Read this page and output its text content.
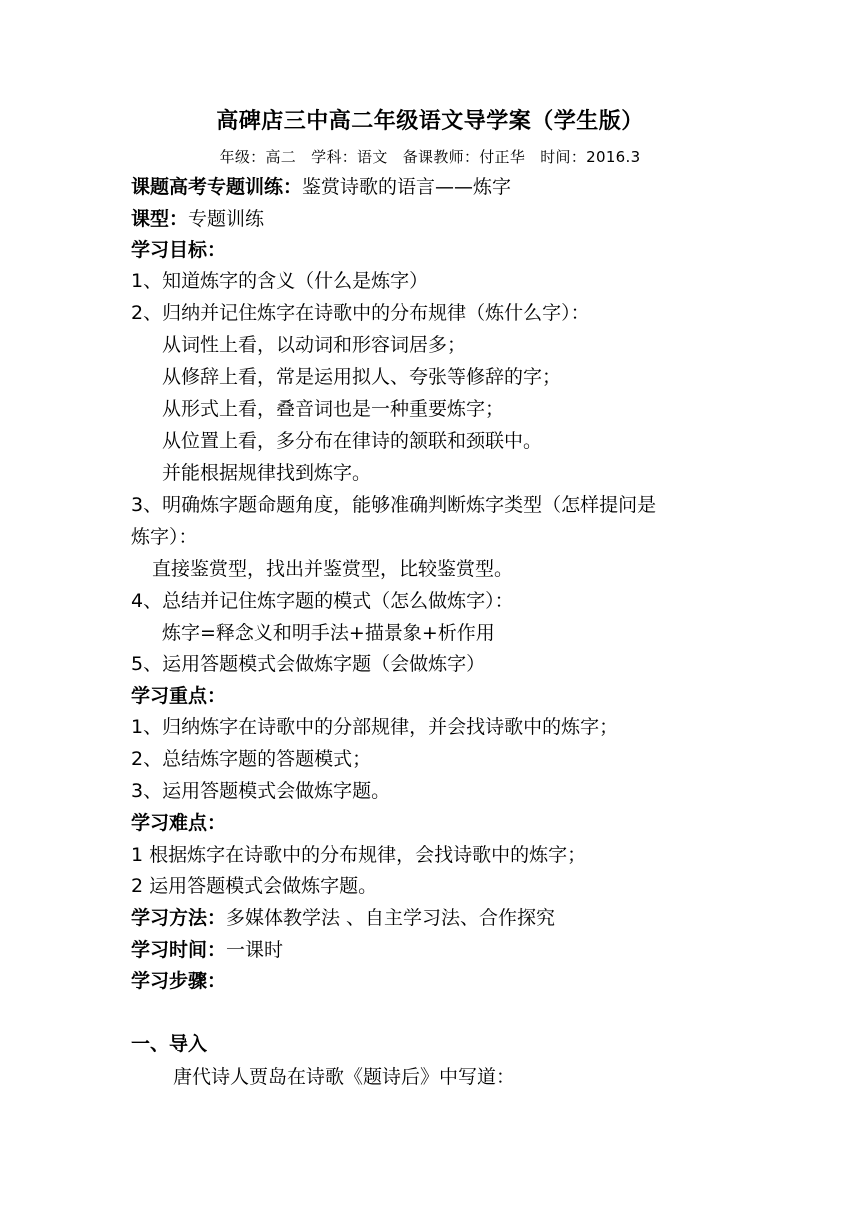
高碑店三中高二年级语文导学案（学生版）
年级：高二 学科：语文 备课教师：付正华 时间：2016.3
课题高考专题训练：鉴赏诗歌的语言——炼字
课型：专题训练
学习目标：
1、知道炼字的含义（什么是炼字）
2、归纳并记住炼字在诗歌中的分布规律（炼什么字）：
从词性上看，以动词和形容词居多；
从修辞上看，常是运用拟人、夸张等修辞的字；
从形式上看，叠音词也是一种重要炼字；
从位置上看，多分布在律诗的颔联和颈联中。
并能根据规律找到炼字。
3、明确炼字题命题角度，能够准确判断炼字类型（怎样提问是
炼字）：
直接鉴赏型，找出并鉴赏型，比较鉴赏型。
4、总结并记住炼字题的模式（怎么做炼字）：
炼字=释念义和明手法+描景象+析作用
5、运用答题模式会做炼字题（会做炼字）
学习重点：
1、归纳炼字在诗歌中的分部规律，并会找诗歌中的炼字；
2、总结炼字题的答题模式；
3、运用答题模式会做炼字题。
学习难点：
1 根据炼字在诗歌中的分布规律，会找诗歌中的炼字；
2 运用答题模式会做炼字题。
学习方法：多媒体教学法 、自主学习法、合作探究
学习时间：一课时
学习步骤：
一、导入
唐代诗人贾岛在诗歌《题诗后》中写道：
